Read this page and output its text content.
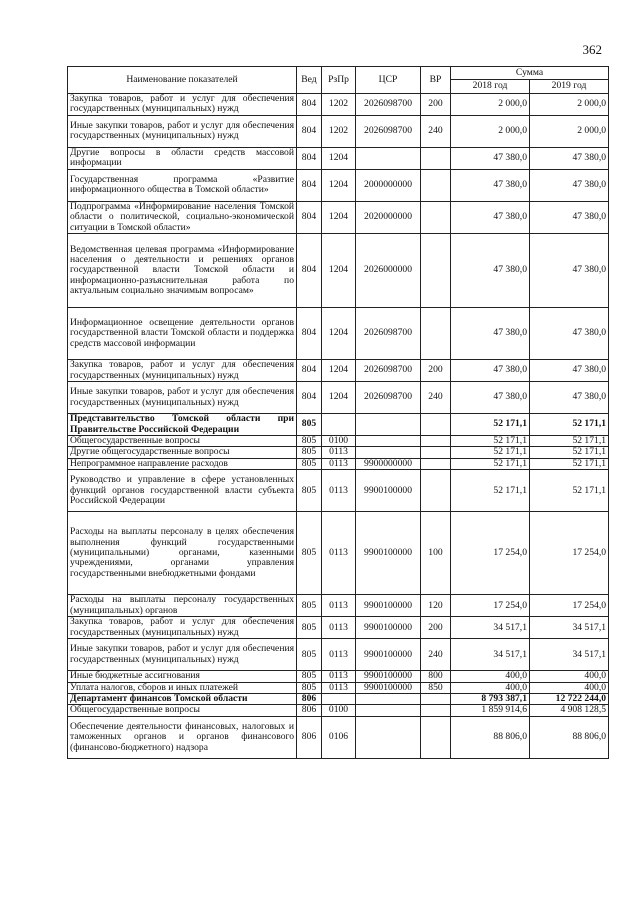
362
Наименование показателей	Вед	РзПр	ЦСР	ВР	Сумма	
					2018 год	2019 год
Закупка товаров, работ и услуг для обеспечения государственных (муниципальных) нужд	804	1202	2026098700	200	2 000,0	2 000,0
Иные закупки товаров, работ и услуг для обеспечения государственных (муниципальных) нужд	804	1202	2026098700	240	2 000,0	2 000,0
Другие вопросы в области средств массовой информации	804	1204			47 380,0	47 380,0
Государственная программа «Развитие информационного общества в Томской области»	804	1204	2000000000		47 380,0	47 380,0
Подпрограмма «Информирование населения Томской области о политической, социально-экономической ситуации в Томской области»	804	1204	2020000000		47 380,0	47 380,0
Ведомственная целевая программа «Информирование населения о деятельности и решениях органов государственной власти Томской области и информационно-разъяснительная работа по актуальным социально значимым вопросам»	804	1204	2026000000		47 380,0	47 380,0
Информационное освещение деятельности органов государственной власти Томской области и поддержка средств массовой информации	804	1204	2026098700		47 380,0	47 380,0
Закупка товаров, работ и услуг для обеспечения государственных (муниципальных) нужд	804	1204	2026098700	200	47 380,0	47 380,0
Иные закупки товаров, работ и услуг для обеспечения государственных (муниципальных) нужд	804	1204	2026098700	240	47 380,0	47 380,0
Представительство Томской области при Правительстве Российской Федерации	805				52 171,1	52 171,1
Общегосударственные вопросы	805	0100			52 171,1	52 171,1
Другие общегосударственные вопросы	805	0113			52 171,1	52 171,1
Непрограммное направление расходов	805	0113	9900000000		52 171,1	52 171,1
Руководство и управление в сфере установленных функций органов государственной власти субъекта Российской Федерации	805	0113	9900100000		52 171,1	52 171,1
Расходы на выплаты персоналу в целях обеспечения выполнения функций государственными (муниципальными) органами, казенными учреждениями, органами управления государственными внебюджетными фондами	805	0113	9900100000	100	17 254,0	17 254,0
Расходы на выплаты персоналу государственных (муниципальных) органов	805	0113	9900100000	120	17 254,0	17 254,0
Закупка товаров, работ и услуг для обеспечения государственных (муниципальных) нужд	805	0113	9900100000	200	34 517,1	34 517,1
Иные закупки товаров, работ и услуг для обеспечения государственных (муниципальных) нужд	805	0113	9900100000	240	34 517,1	34 517,1
Иные бюджетные ассигнования	805	0113	9900100000	800	400,0	400,0
Уплата налогов, сборов и иных платежей	805	0113	9900100000	850	400,0	400,0
Департамент финансов Томской области	806				8 793 387,1	12 722 244,0
Общегосударственные вопросы	806	0100			1 859 914,6	4 908 128,5
Обеспечение деятельности финансовых, налоговых и таможенных органов и органов финансового (финансово-бюджетного) надзора	806	0106			88 806,0	88 806,0
